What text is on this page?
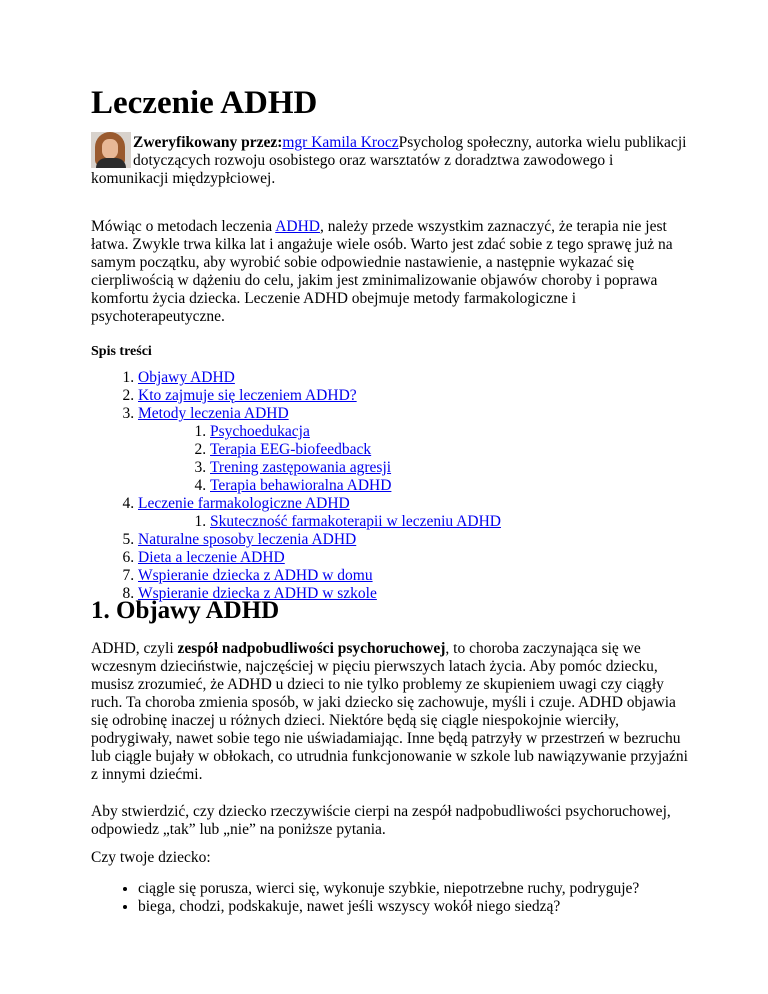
Leczenie ADHD

Zweryfikowany przez:mgr Kamila KroczPsycholog społeczny, autorka wielu publikacji dotyczących rozwoju osobistego oraz warsztatów z doradztwa zawodowego i komunikacji międzypłciowej.

Mówiąc o metodach leczenia ADHD, należy przede wszystkim zaznaczyć, że terapia nie jest łatwa. Zwykle trwa kilka lat i angażuje wiele osób. Warto jest zdać sobie z tego sprawę już na samym początku, aby wyrobić sobie odpowiednie nastawienie, a następnie wykazać się cierpliwością w dążeniu do celu, jakim jest zminimalizowanie objawów choroby i poprawa komfortu życia dziecka. Leczenie ADHD obejmuje metody farmakologiczne i psychoterapeutyczne.

Spis treści

1. Objawy ADHD
2. Kto zajmuje się leczeniem ADHD?
3. Metody leczenia ADHD
1. Psychoedukacja
2. Terapia EEG-biofeedback
3. Trening zastępowania agresji
4. Terapia behawioralna ADHD
4. Leczenie farmakologiczne ADHD
1. Skuteczność farmakoterapii w leczeniu ADHD
5. Naturalne sposoby leczenia ADHD
6. Dieta a leczenie ADHD
7. Wspieranie dziecka z ADHD w domu
8. Wspieranie dziecka z ADHD w szkole
1. Objawy ADHD

ADHD, czyli zespół nadpobudliwości psychoruchowej, to choroba zaczynająca się we wczesnym dzieciństwie, najczęściej w pięciu pierwszych latach życia. Aby pomóc dziecku, musisz zrozumieć, że ADHD u dzieci to nie tylko problemy ze skupieniem uwagi czy ciągły ruch. Ta choroba zmienia sposób, w jaki dziecko się zachowuje, myśli i czuje. ADHD objawia się odrobinę inaczej u różnych dzieci. Niektóre będą się ciągle niespokojnie wierciły, podrygiwały, nawet sobie tego nie uświadamiając. Inne będą patrzyły w przestrzeń w bezruchu lub ciągle bujały w obłokach, co utrudnia funkcjonowanie w szkole lub nawiązywanie przyjaźni z innymi dziećmi.

Aby stwierdzić, czy dziecko rzeczywiście cierpi na zespół nadpobudliwości psychoruchowej, odpowiedz „tak” lub „nie” na poniższe pytania.

Czy twoje dziecko:

• ciągle się porusza, wierci się, wykonuje szybkie, niepotrzebne ruchy, podryguje?
• biega, chodzi, podskakuje, nawet jeśli wszyscy wokół niego siedzą?
